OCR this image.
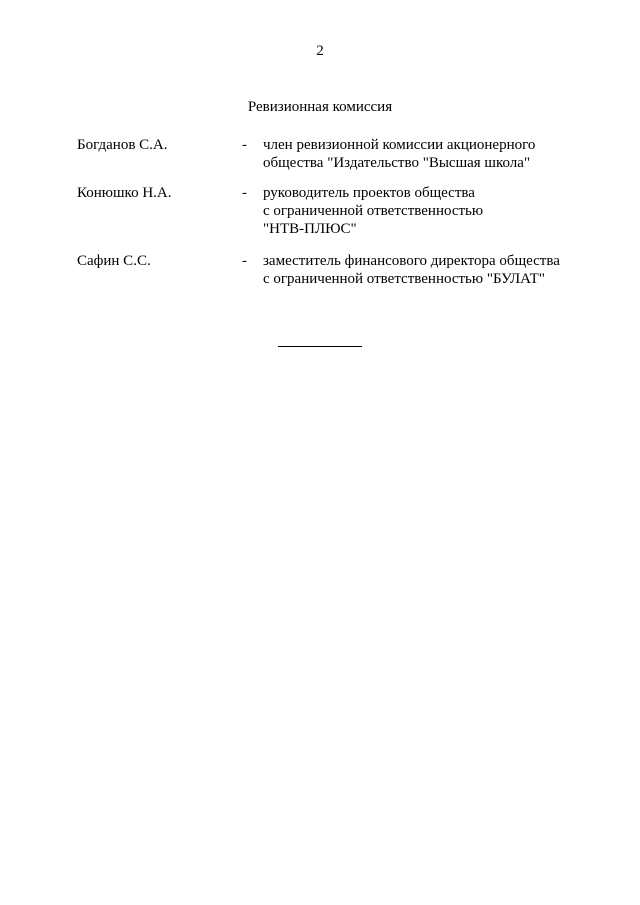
2
Ревизионная комиссия
Богданов С.А.	- член ревизионной комиссии акционерного
общества "Издательство "Высшая школа"
Конюшко Н.А.	- руководитель проектов общества
с ограниченной ответственностью
"НТВ-ПЛЮС"
Сафин С.С.	- заместитель финансового директора общества
с ограниченной ответственностью "БУЛАТ"
